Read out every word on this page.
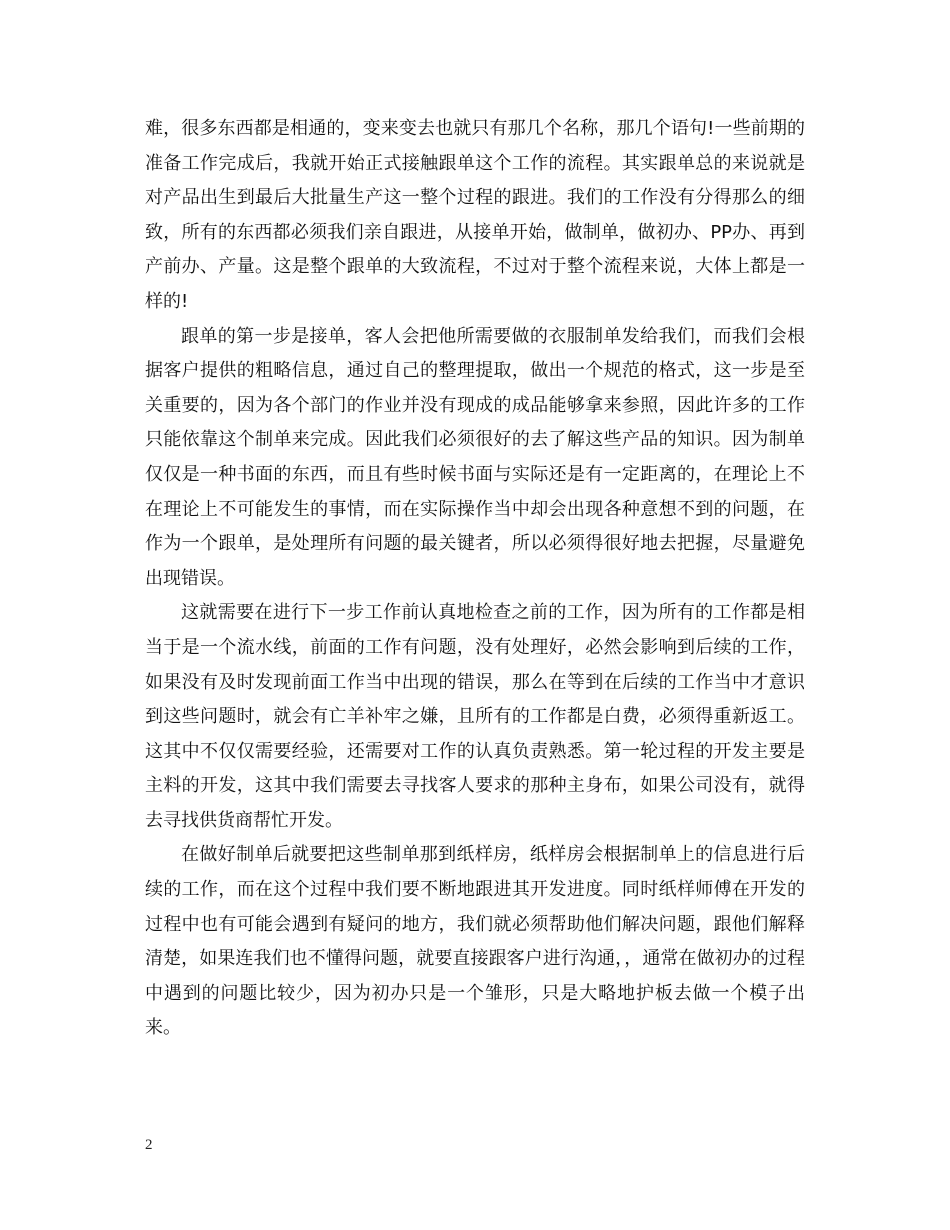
难，很多东西都是相通的，变来变去也就只有那几个名称，那几个语句!一些前期的准备工作完成后，我就开始正式接触跟单这个工作的流程。其实跟单总的来说就是对产品出生到最后大批量生产这一整个过程的跟进。我们的工作没有分得那么的细致，所有的东西都必须我们亲自跟进，从接单开始，做制单，做初办、PP办、再到产前办、产量。这是整个跟单的大致流程，不过对于整个流程来说，大体上都是一样的!

跟单的第一步是接单，客人会把他所需要做的衣服制单发给我们，而我们会根据客户提供的粗略信息，通过自己的整理提取，做出一个规范的格式，这一步是至关重要的，因为各个部门的作业并没有现成的成品能够拿来参照，因此许多的工作只能依靠这个制单来完成。因此我们必须很好的去了解这些产品的知识。因为制单仅仅是一种书面的东西，而且有些时候书面与实际还是有一定距离的，在理论上不在理论上不可能发生的事情，而在实际操作当中却会出现各种意想不到的问题，在作为一个跟单，是处理所有问题的最关键者，所以必须得很好地去把握，尽量避免出现错误。

这就需要在进行下一步工作前认真地检查之前的工作，因为所有的工作都是相当于是一个流水线，前面的工作有问题，没有处理好，必然会影响到后续的工作，如果没有及时发现前面工作当中出现的错误，那么在等到在后续的工作当中才意识到这些问题时，就会有亡羊补牢之嫌，且所有的工作都是白费，必须得重新返工。这其中不仅仅需要经验，还需要对工作的认真负责熟悉。第一轮过程的开发主要是主料的开发，这其中我们需要去寻找客人要求的那种主身布，如果公司没有，就得去寻找供货商帮忙开发。

在做好制单后就要把这些制单那到纸样房，纸样房会根据制单上的信息进行后续的工作，而在这个过程中我们要不断地跟进其开发进度。同时纸样师傅在开发的过程中也有可能会遇到有疑问的地方，我们就必须帮助他们解决问题，跟他们解释清楚，如果连我们也不懂得问题，就要直接跟客户进行沟通，，通常在做初办的过程中遇到的问题比较少，因为初办只是一个雏形，只是大略地护板去做一个模子出来。

2
